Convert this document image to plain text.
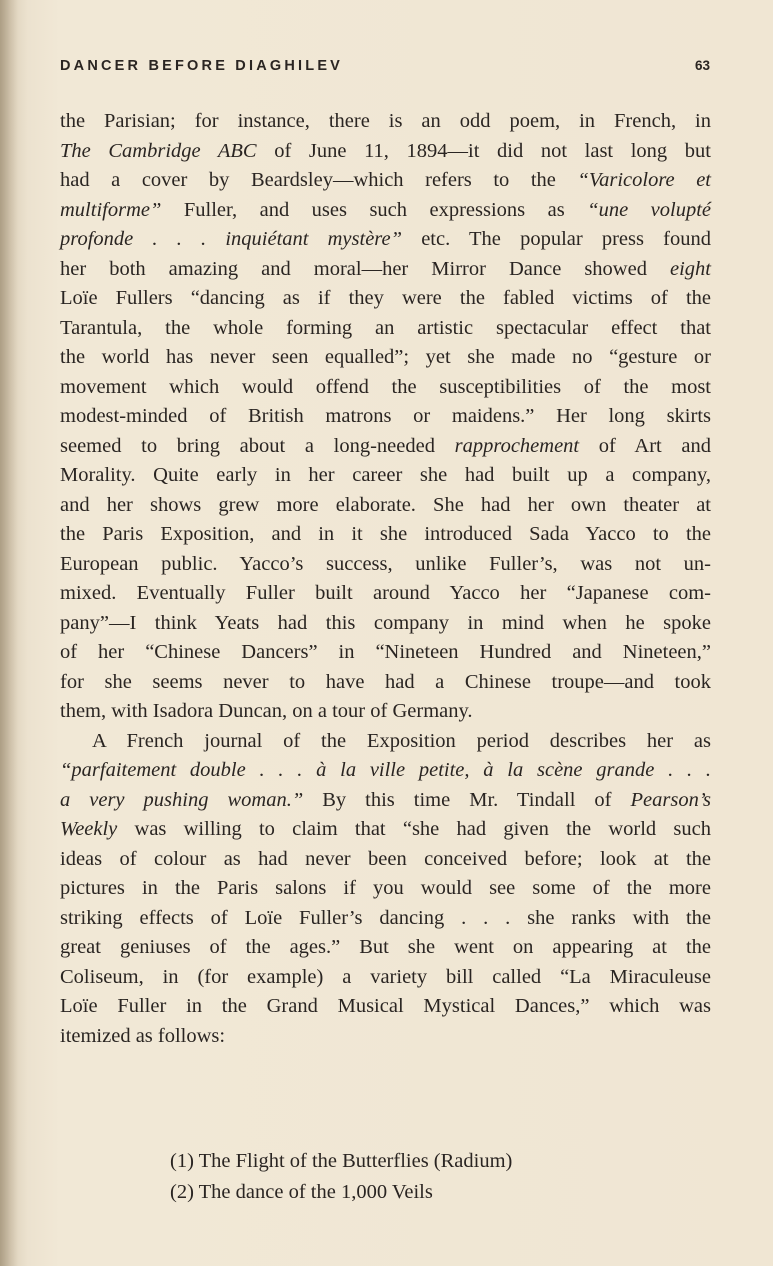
DANCER BEFORE DIAGHILEV	63
the Parisian; for instance, there is an odd poem, in French, in
The Cambridge ABC of June 11, 1894—it did not last long but
had a cover by Beardsley—which refers to the “Varicolore et
multiforme” Fuller, and uses such expressions as “une volupté
profonde . . . inquiétant mystère” etc. The popular press found
her both amazing and moral—her Mirror Dance showed eight
Loïe Fullers “dancing as if they were the fabled victims of the
Tarantula, the whole forming an artistic spectacular effect that
the world has never seen equalled”; yet she made no “gesture or
movement which would offend the susceptibilities of the most
modest-minded of British matrons or maidens.” Her long skirts
seemed to bring about a long-needed rapprochement of Art and
Morality. Quite early in her career she had built up a company,
and her shows grew more elaborate. She had her own theater at
the Paris Exposition, and in it she introduced Sada Yacco to the
European public. Yacco’s success, unlike Fuller’s, was not un-
mixed. Eventually Fuller built around Yacco her “Japanese com-
pany”—I think Yeats had this company in mind when he spoke
of her “Chinese Dancers” in “Nineteen Hundred and Nineteen,”
for she seems never to have had a Chinese troupe—and took
them, with Isadora Duncan, on a tour of Germany.
A French journal of the Exposition period describes her as
“parfaitement double . . . à la ville petite, à la scène grande . . .
a very pushing woman.” By this time Mr. Tindall of Pearson’s
Weekly was willing to claim that “she had given the world such
ideas of colour as had never been conceived before; look at the
pictures in the Paris salons if you would see some of the more
striking effects of Loïe Fuller’s dancing . . . she ranks with the
great geniuses of the ages.” But she went on appearing at the
Coliseum, in (for example) a variety bill called “La Miraculeuse
Loïe Fuller in the Grand Musical Mystical Dances,” which was
itemized as follows:
(1) The Flight of the Butterflies (Radium)
(2) The dance of the 1,000 Veils
